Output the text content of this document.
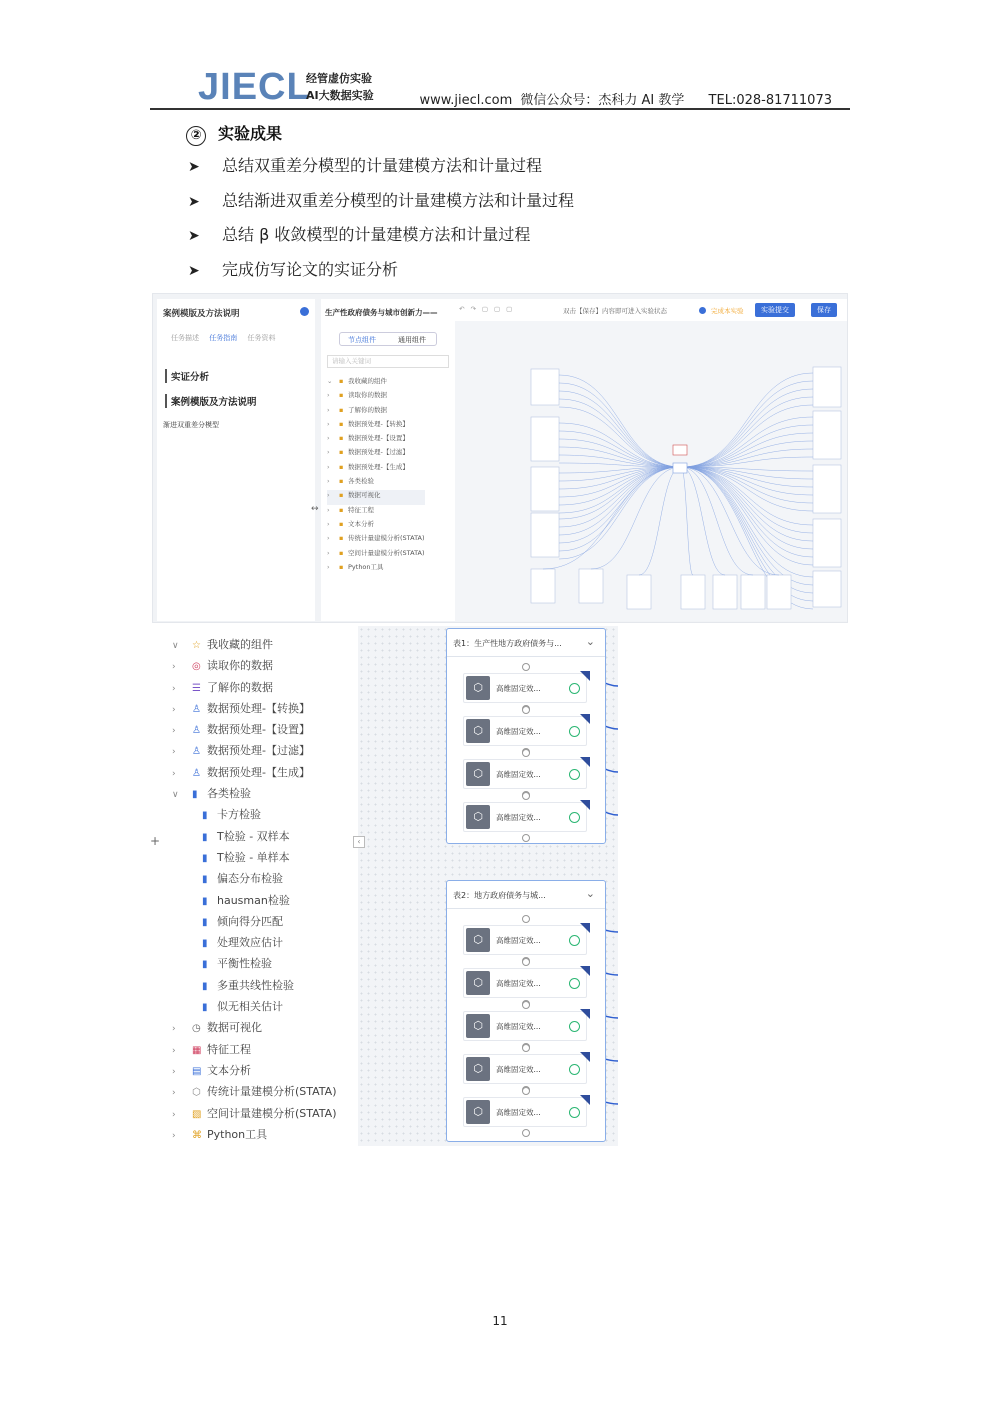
JIECL
经管虚仿实验
AI大数据实验	www.jiecl.com 微信公众号：杰科力 AI 教学 TEL:028-81711073
② 实验成果
➤ 总结双重差分模型的计量建模方法和计量过程
➤ 总结渐进双重差分模型的计量建模方法和计量过程
➤ 总结 β 收敛模型的计量建模方法和计量过程
➤ 完成仿写论文的实证分析
案例模版及方法说明
任务描述 任务指南 任务资料
实证分析
案例模版及方法说明
渐进双重差分模型
↔
生产性政府债务与城市创新力——
节点组件	通用组件
请输入关键词
⌄ ▪ 我收藏的组件
› ▪ 读取你的数据
› ▪ 了解你的数据
› ▪ 数据预处理-【转换】
› ▪ 数据预处理-【设置】
› ▪ 数据预处理-【过滤】
› ▪ 数据预处理-【生成】
› ▪ 各类检验
› ▪ 数据可视化
› ▪ 特征工程
› ▪ 文本分析
› ▪ 传统计量建模分析(STATA)
› ▪ 空间计量建模分析(STATA)
› ▪ Python工具
↶↷▢▢▢	双击【保存】内容即可进入实验状态	完成本实验	实验提交	保存
∨ ☆ 我收藏的组件
› ◎ 读取你的数据
› ☰ 了解你的数据
› ♙ 数据预处理-【转换】
› ♙ 数据预处理-【设置】
› ♙ 数据预处理-【过滤】
› ♙ 数据预处理-【生成】
∨ ▮ 各类检验
▮ 卡方检验
▮ T检验 - 双样本
▮ T检验 - 单样本
▮ 偏态分布检验
▮ hausman检验
▮ 倾向得分匹配
▮ 处理效应估计
▮ 平衡性检验
▮ 多重共线性检验
▮ 似无相关估计
› ◷ 数据可视化
› ▦ 特征工程
› ▤ 文本分析
› ⬡ 传统计量建模分析(STATA)
› ▧ 空间计量建模分析(STATA)
› ⌘ Python工具
+
表1：生产性地方政府债务与... ⌄
⬡	高维固定效...
⬡	高维固定效...
⬡	高维固定效...
⬡	高维固定效...
表2：地方政府债务与城...	⌄
⬡	高维固定效...
⬡	高维固定效...
⬡	高维固定效...
⬡	高维固定效...
⬡	高维固定效...
‹
11
